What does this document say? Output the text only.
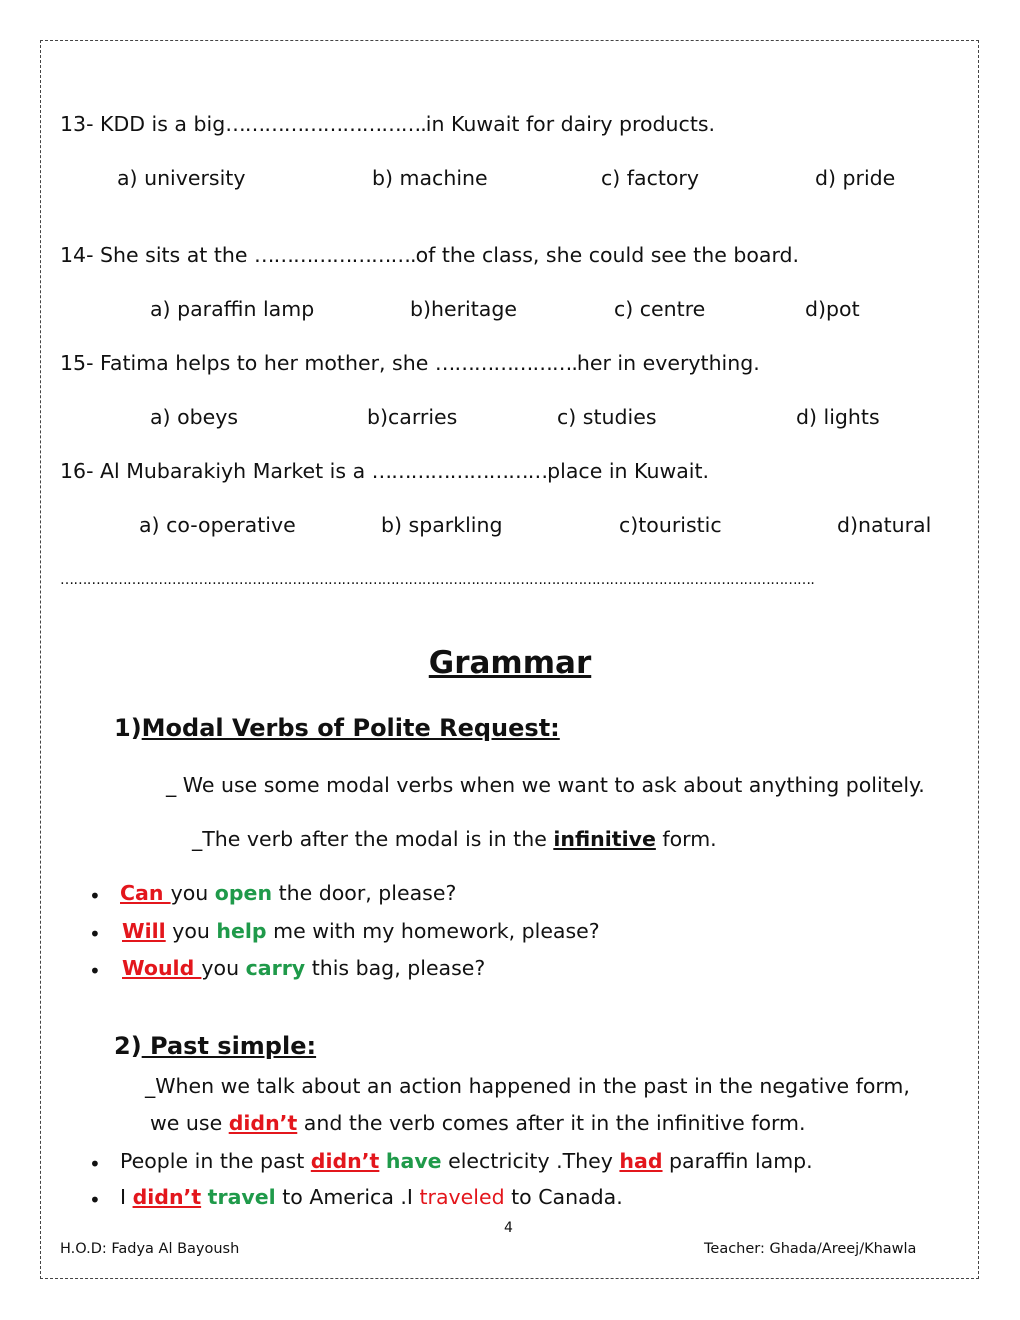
13- KDD is a big………………………….in Kuwait for dairy products.
a) university	b) machine	c) factory	d) pride
14- She sits at the …………………….of the class, she could see the board.
a) paraffin lamp	b)heritage	c) centre	d)pot
15- Fatima helps to her mother, she ………………….her in everything.
a) obeys	b)carries	c) studies	d) lights
16- Al Mubarakiyh Market is a ………………………place in Kuwait.
a) co-operative	b) sparkling	c)touristic	d)natural
…………………………………………………………………………………………………………………………………………………….
Grammar
1)Modal Verbs of Polite Request:
_ We use some modal verbs when we want to ask about anything politely.
_The verb after the modal is in the infinitive form.
• Can you open the door, please?
• Will you help me with my homework, please?
• Would you carry this bag, please?
2) Past simple:
_When we talk about an action happened in the past in the negative form,
we use didn’t and the verb comes after it in the infinitive form.
• People in the past didn’t have electricity .They had paraffin lamp.
• I didn’t travel to America .I traveled to Canada.
4
H.O.D: Fadya Al Bayoush	Teacher: Ghada/Areej/Khawla
